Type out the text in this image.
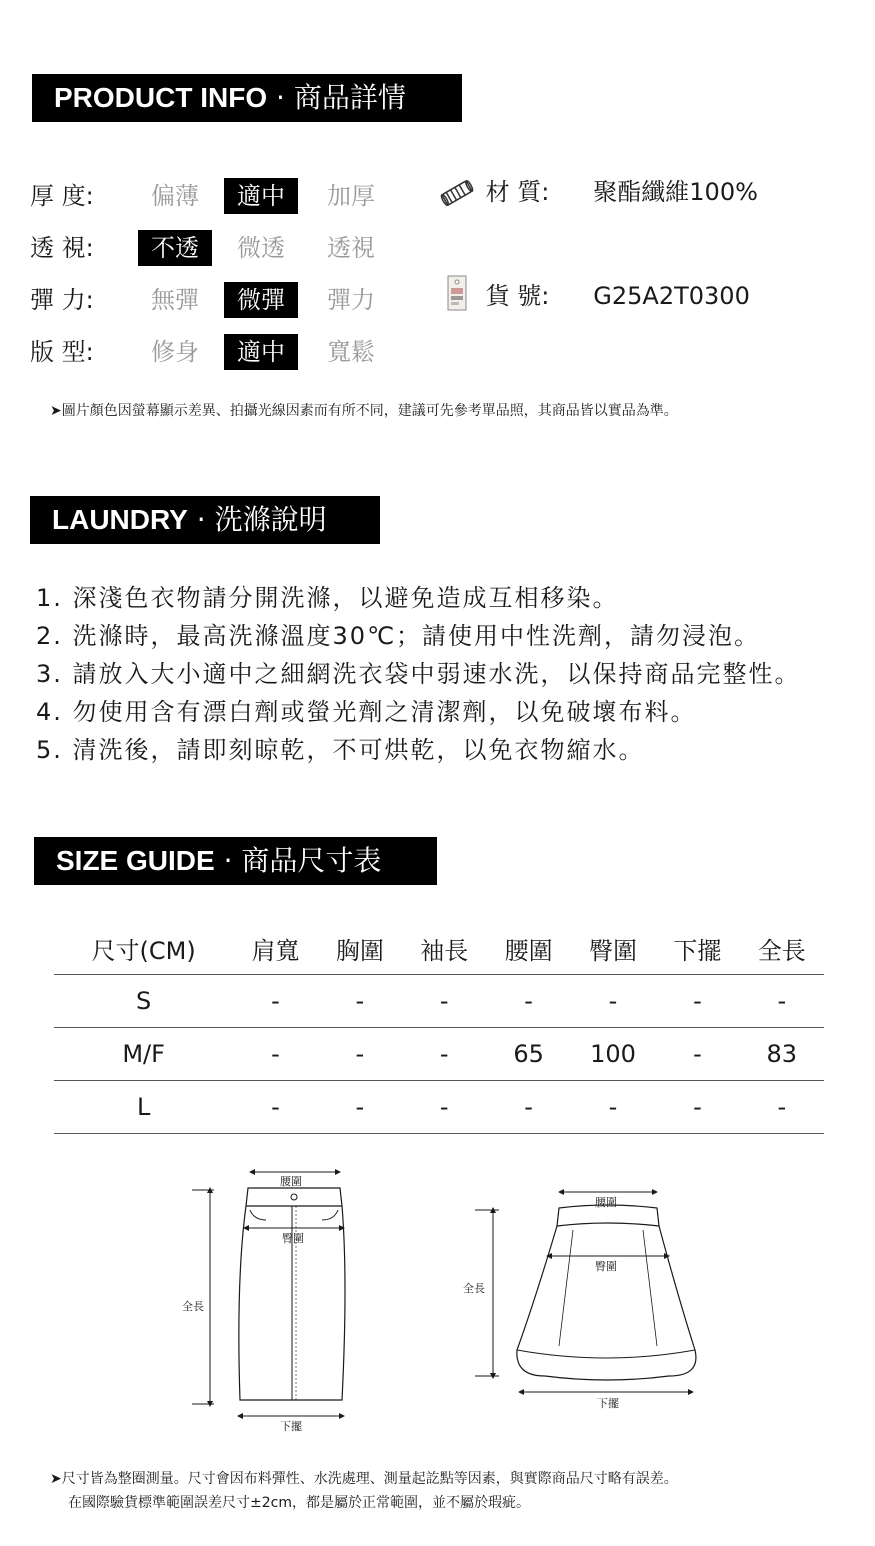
PRODUCT INFO · 商品詳情
厚 度:	偏薄	適中	加厚
透 視:	不透	微透	透視
彈 力:	無彈	微彈	彈力
版 型:	修身	適中	寬鬆
材 質: 聚酯纖維100%
貨 號: G25A2T0300
➤圖片顏色因螢幕顯示差異、拍攝光線因素而有所不同，建議可先參考單品照，其商品皆以實品為準。
LAUNDRY · 洗滌說明
1. 深淺色衣物請分開洗滌，以避免造成互相移染。
2. 洗滌時，最高洗滌溫度30℃；請使用中性洗劑，請勿浸泡。
3. 請放入大小適中之細網洗衣袋中弱速水洗，以保持商品完整性。
4. 勿使用含有漂白劑或螢光劑之清潔劑，以免破壞布料。
5. 清洗後，請即刻晾乾，不可烘乾，以免衣物縮水。
SIZE GUIDE · 商品尺寸表
尺寸(CM)	肩寬	胸圍	袖長	腰圍	臀圍	下擺	全長
S	-	-	-	-	-	-	-
M/F	-	-	-	65	100	-	83
L	-	-	-	-	-	-	-
腰圍
臀圍
全長
下擺
腰圍
臀圍
全長
下擺
➤尺寸皆為整圈測量。尺寸會因布料彈性、水洗處理、測量起訖點等因素，與實際商品尺寸略有誤差。
在國際驗貨標準範圍誤差尺寸±2cm，都是屬於正常範圍，並不屬於瑕疵。
